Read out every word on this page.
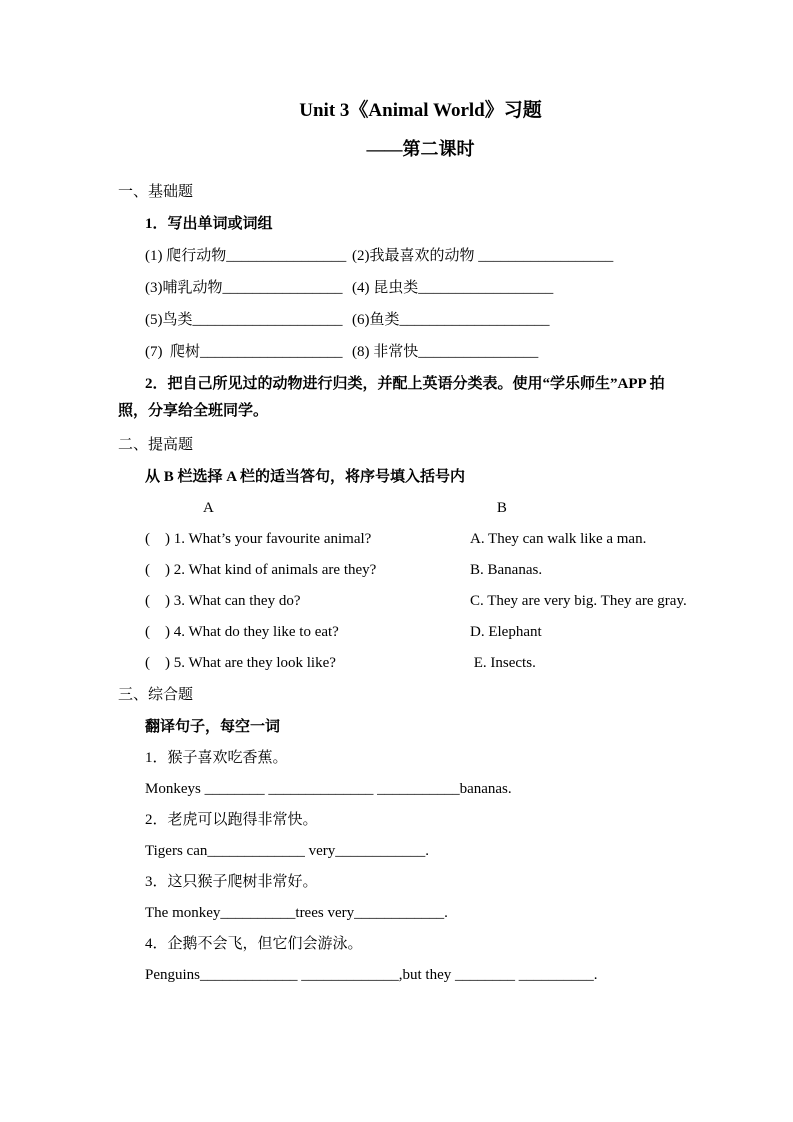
Unit 3《Animal World》习题
——第二课时
一、基础题
1．写出单词或词组
(1) 爬行动物________________ (2)我最喜欢的动物 __________________
(3)哺乳动物________________ (4) 昆虫类__________________
(5)鸟类____________________ (6)鱼类____________________
(7)  爬树___________________ (8) 非常快________________
2．把自己所见过的动物进行归类，并配上英语分类表。使用“学乐师生”APP 拍照，分享给全班同学。
二、提高题
从 B 栏选择 A 栏的适当答句，将序号填入括号内
A	B
(    ) 1. What’s your favourite animal?	A. They can walk like a man.
(    ) 2. What kind of animals are they?	B. Bananas.
(    ) 3. What can they do?	C. They are very big. They are gray.
(    ) 4. What do they like to eat?	D. Elephant
(    ) 5. What are they look like?	E. Insects.
三、综合题
翻译句子，每空一词
1．猴子喜欢吃香蕉。
Monkeys ________ ______________ ___________bananas.
2．老虎可以跑得非常快。
Tigers can_____________ very____________.
3．这只猴子爬树非常好。
The monkey__________trees very____________.
4．企鹅不会飞，但它们会游泳。
Penguins_____________ _____________,but they ________ __________.
